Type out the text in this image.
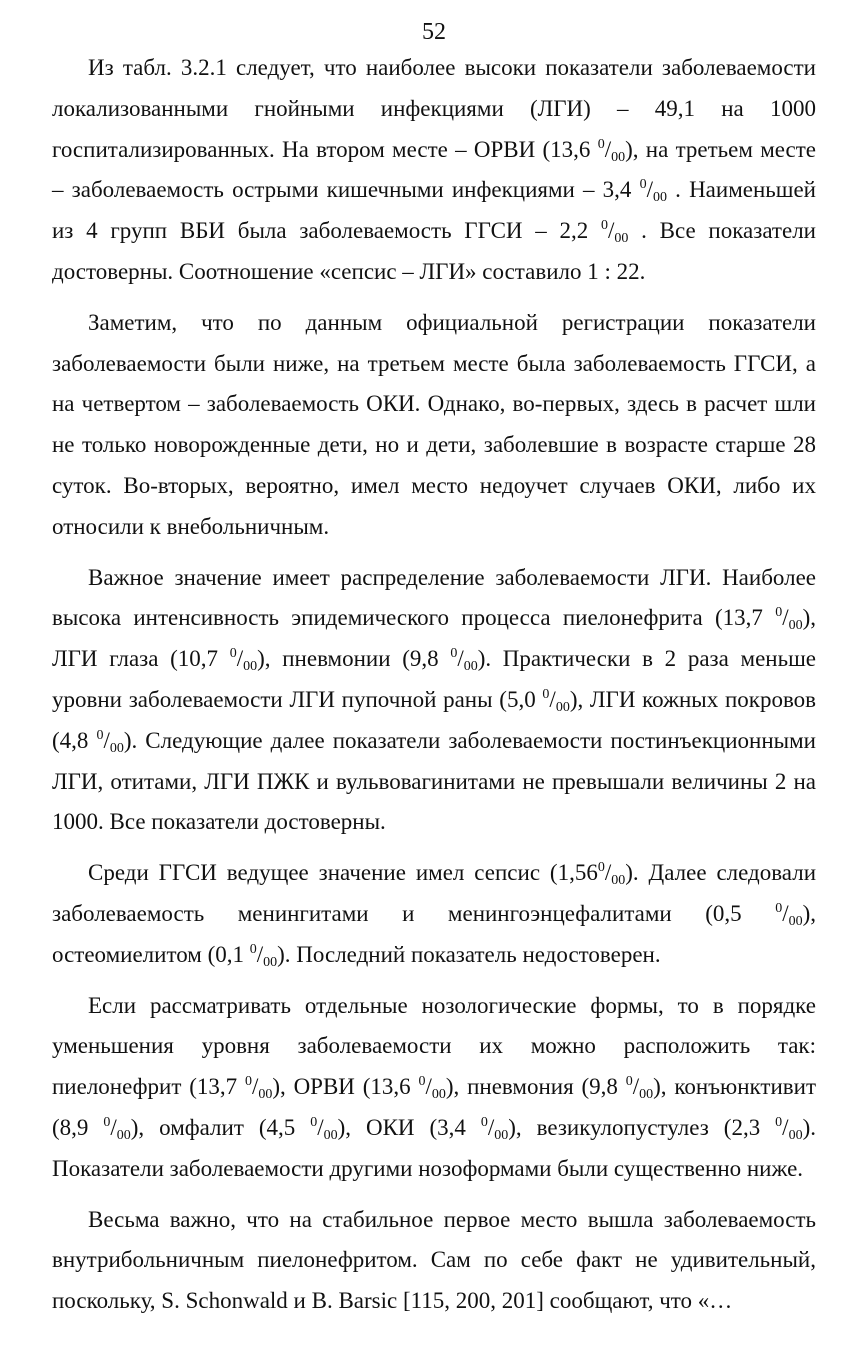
52

Из табл. 3.2.1 следует, что наиболее высоки показатели заболеваемости локализованными гнойными инфекциями (ЛГИ) – 49,1 на 1000 госпитализированных. На втором месте – ОРВИ (13,6 $^0/_{00}$), на третьем месте – заболеваемость острыми кишечными инфекциями – 3,4 $^0/_{00}$ . Наименьшей из 4 групп ВБИ была заболеваемость ГГСИ – 2,2 $^0/_{00}$ . Все показатели достоверны. Соотношение «сепсис – ЛГИ» составило 1 : 22.

Заметим, что по данным официальной регистрации показатели заболеваемости были ниже, на третьем месте была заболеваемость ГГСИ, а на четвертом – заболеваемость ОКИ. Однако, во-первых, здесь в расчет шли не только новорожденные дети, но и дети, заболевшие в возрасте старше 28 суток. Во-вторых, вероятно, имел место недоучет случаев ОКИ, либо их относили к внебольничным.

Важное значение имеет распределение заболеваемости ЛГИ. Наиболее высока интенсивность эпидемического процесса пиелонефрита (13,7 $^0/_{00}$), ЛГИ глаза (10,7 $^0/_{00}$), пневмонии (9,8 $^0/_{00}$). Практически в 2 раза меньше уровни заболеваемости ЛГИ пупочной раны (5,0 $^0/_{00}$), ЛГИ кожных покровов (4,8 $^0/_{00}$). Следующие далее показатели заболеваемости постинъекционными ЛГИ, отитами, ЛГИ ПЖК и вульвовагинитами не превышали величины 2 на 1000. Все показатели достоверны.

Среди ГГСИ ведущее значение имел сепсис $(1,56^0/_{00})$. Далее следовали заболеваемость менингитами и менингоэнцефалитами (0,5 $^0/_{00}$), остеомиелитом (0,1 $^0/_{00}$). Последний показатель недостоверен.

Если рассматривать отдельные нозологические формы, то в порядке уменьшения уровня заболеваемости их можно расположить так: пиелонефрит (13,7 $^0/_{00}$), ОРВИ (13,6 $^0/_{00}$), пневмония (9,8 $^0/_{00}$), конъюнктивит (8,9 $^0/_{00}$), омфалит (4,5 $^0/_{00}$), ОКИ (3,4 $^0/_{00}$), везикулопустулез (2,3 $^0/_{00}$). Показатели заболеваемости другими нозоформами были существенно ниже.

Весьма важно, что на стабильное первое место вышла заболеваемость внутрибольничным пиелонефритом. Сам по себе факт не удивительный, поскольку, S. Schonwald и B. Barsic [115, 200, 201] сообщают, что «…
